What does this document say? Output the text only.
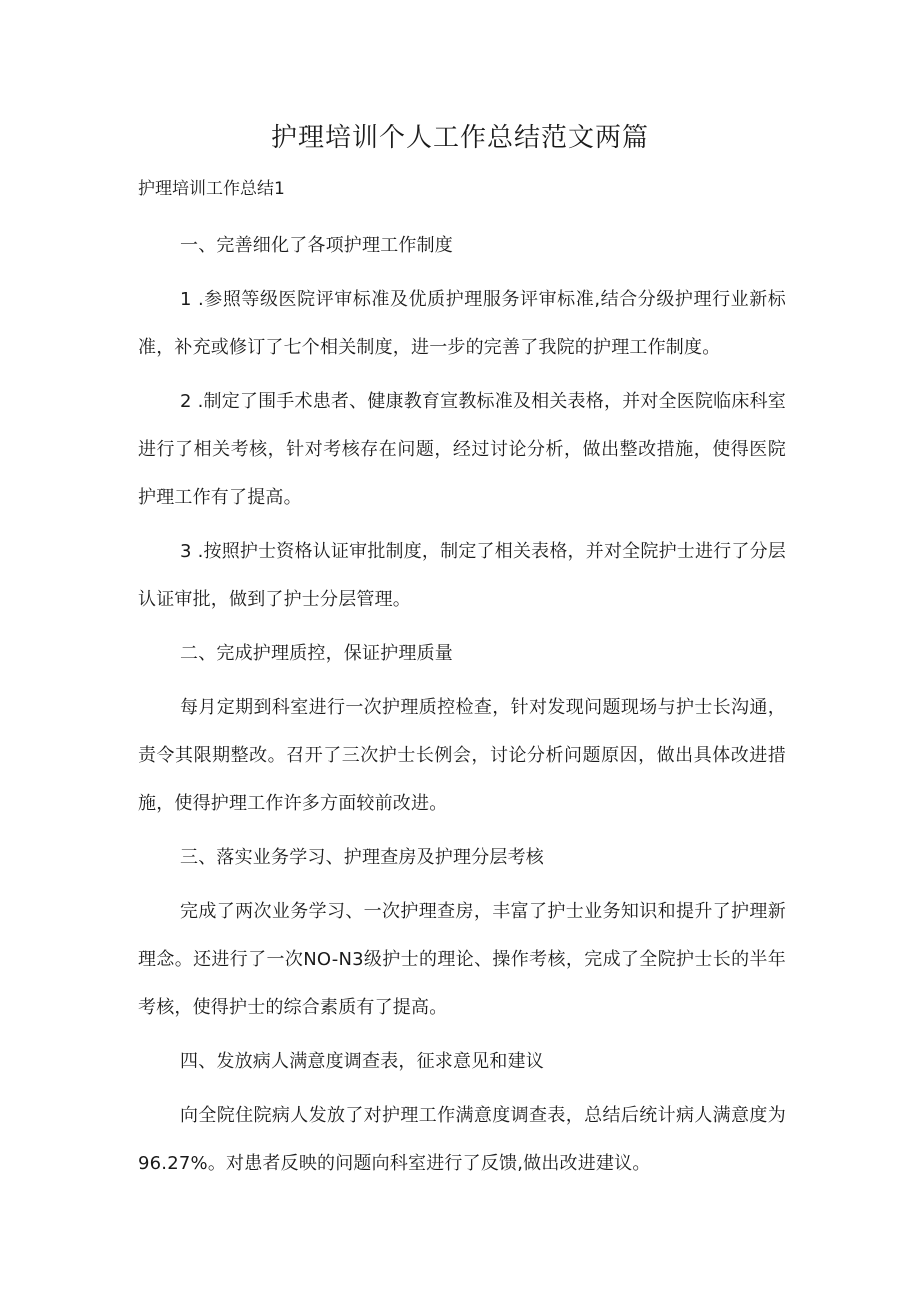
护理培训个人工作总结范文两篇

护理培训工作总结1

一、完善细化了各项护理工作制度

1 .参照等级医院评审标准及优质护理服务评审标准,结合分级护理行业新标准，补充或修订了七个相关制度，进一步的完善了我院的护理工作制度。

2 .制定了围手术患者、健康教育宣教标准及相关表格，并对全医院临床科室进行了相关考核，针对考核存在问题，经过讨论分析，做出整改措施，使得医院护理工作有了提高。

3 .按照护士资格认证审批制度，制定了相关表格，并对全院护士进行了分层认证审批，做到了护士分层管理。

二、完成护理质控，保证护理质量

每月定期到科室进行一次护理质控检查，针对发现问题现场与护士长沟通，责令其限期整改。召开了三次护士长例会，讨论分析问题原因，做出具体改进措施，使得护理工作许多方面较前改进。

三、落实业务学习、护理查房及护理分层考核

完成了两次业务学习、一次护理查房，丰富了护士业务知识和提升了护理新理念。还进行了一次NO-N3级护士的理论、操作考核，完成了全院护士长的半年考核，使得护士的综合素质有了提高。

四、发放病人满意度调查表，征求意见和建议

向全院住院病人发放了对护理工作满意度调查表，总结后统计病人满意度为96.27%。对患者反映的问题向科室进行了反馈,做出改进建议。
